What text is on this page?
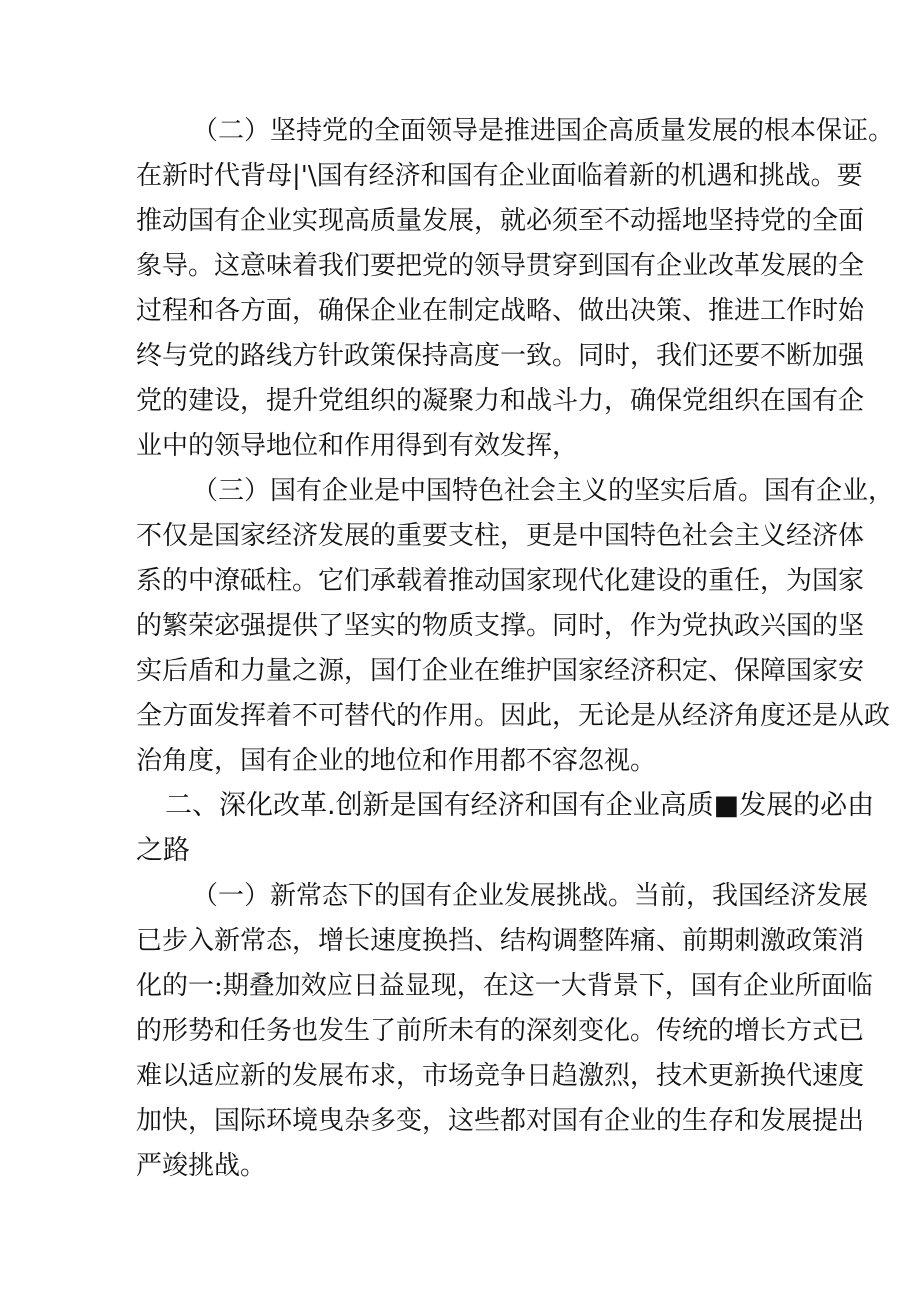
（二）坚持党的全面领导是推进国企高质量发展的根本保证。
在新时代背母|'\国有经济和国有企业面临着新的机遇和挑战。要
推动国有企业实现高质量发展，就必须至不动摇地坚持党的全面
象导。这意味着我们要把党的领导贯穿到国有企业改革发展的全
过程和各方面，确保企业在制定战略、做出决策、推进工作时始
终与党的路线方针政策保持高度一致。同时，我们还要不断加强
党的建设，提升党组织的凝聚力和战斗力，确保党组织在国有企
业中的领导地位和作用得到有效发挥，
（三）国有企业是中国特色社会主义的坚实后盾。国有企业，
不仅是国家经济发展的重要支柱，更是中国特色社会主义经济体
系的中潦砥柱。它们承载着推动国家现代化建设的重任，为国家
的繁荣宓强提供了坚实的物质支撑。同时，作为党执政兴国的坚
实后盾和力量之源，国仃企业在维护国家经济积定、保障国家安
全方面发挥着不可替代的作用。因此，无论是从经济角度还是从政
治角度，国有企业的地位和作用都不容忽视。
二、深化改革.创新是国有经济和国有企业高质■发展的必由
之路
（一）新常态下的国有企业发展挑战。当前，我国经济发展
已步入新常态，增长速度换挡、结构调整阵痛、前期刺激政策消
化的一:期叠加效应日益显现，在这一大背景下，国有企业所面临
的形势和任务也发生了前所未有的深刻变化。传统的增长方式已
难以适应新的发展布求，市场竞争日趋激烈，技术更新换代速度
加快，国际环境曳杂多变，这些都对国有企业的生存和发展提出
严竣挑战。
